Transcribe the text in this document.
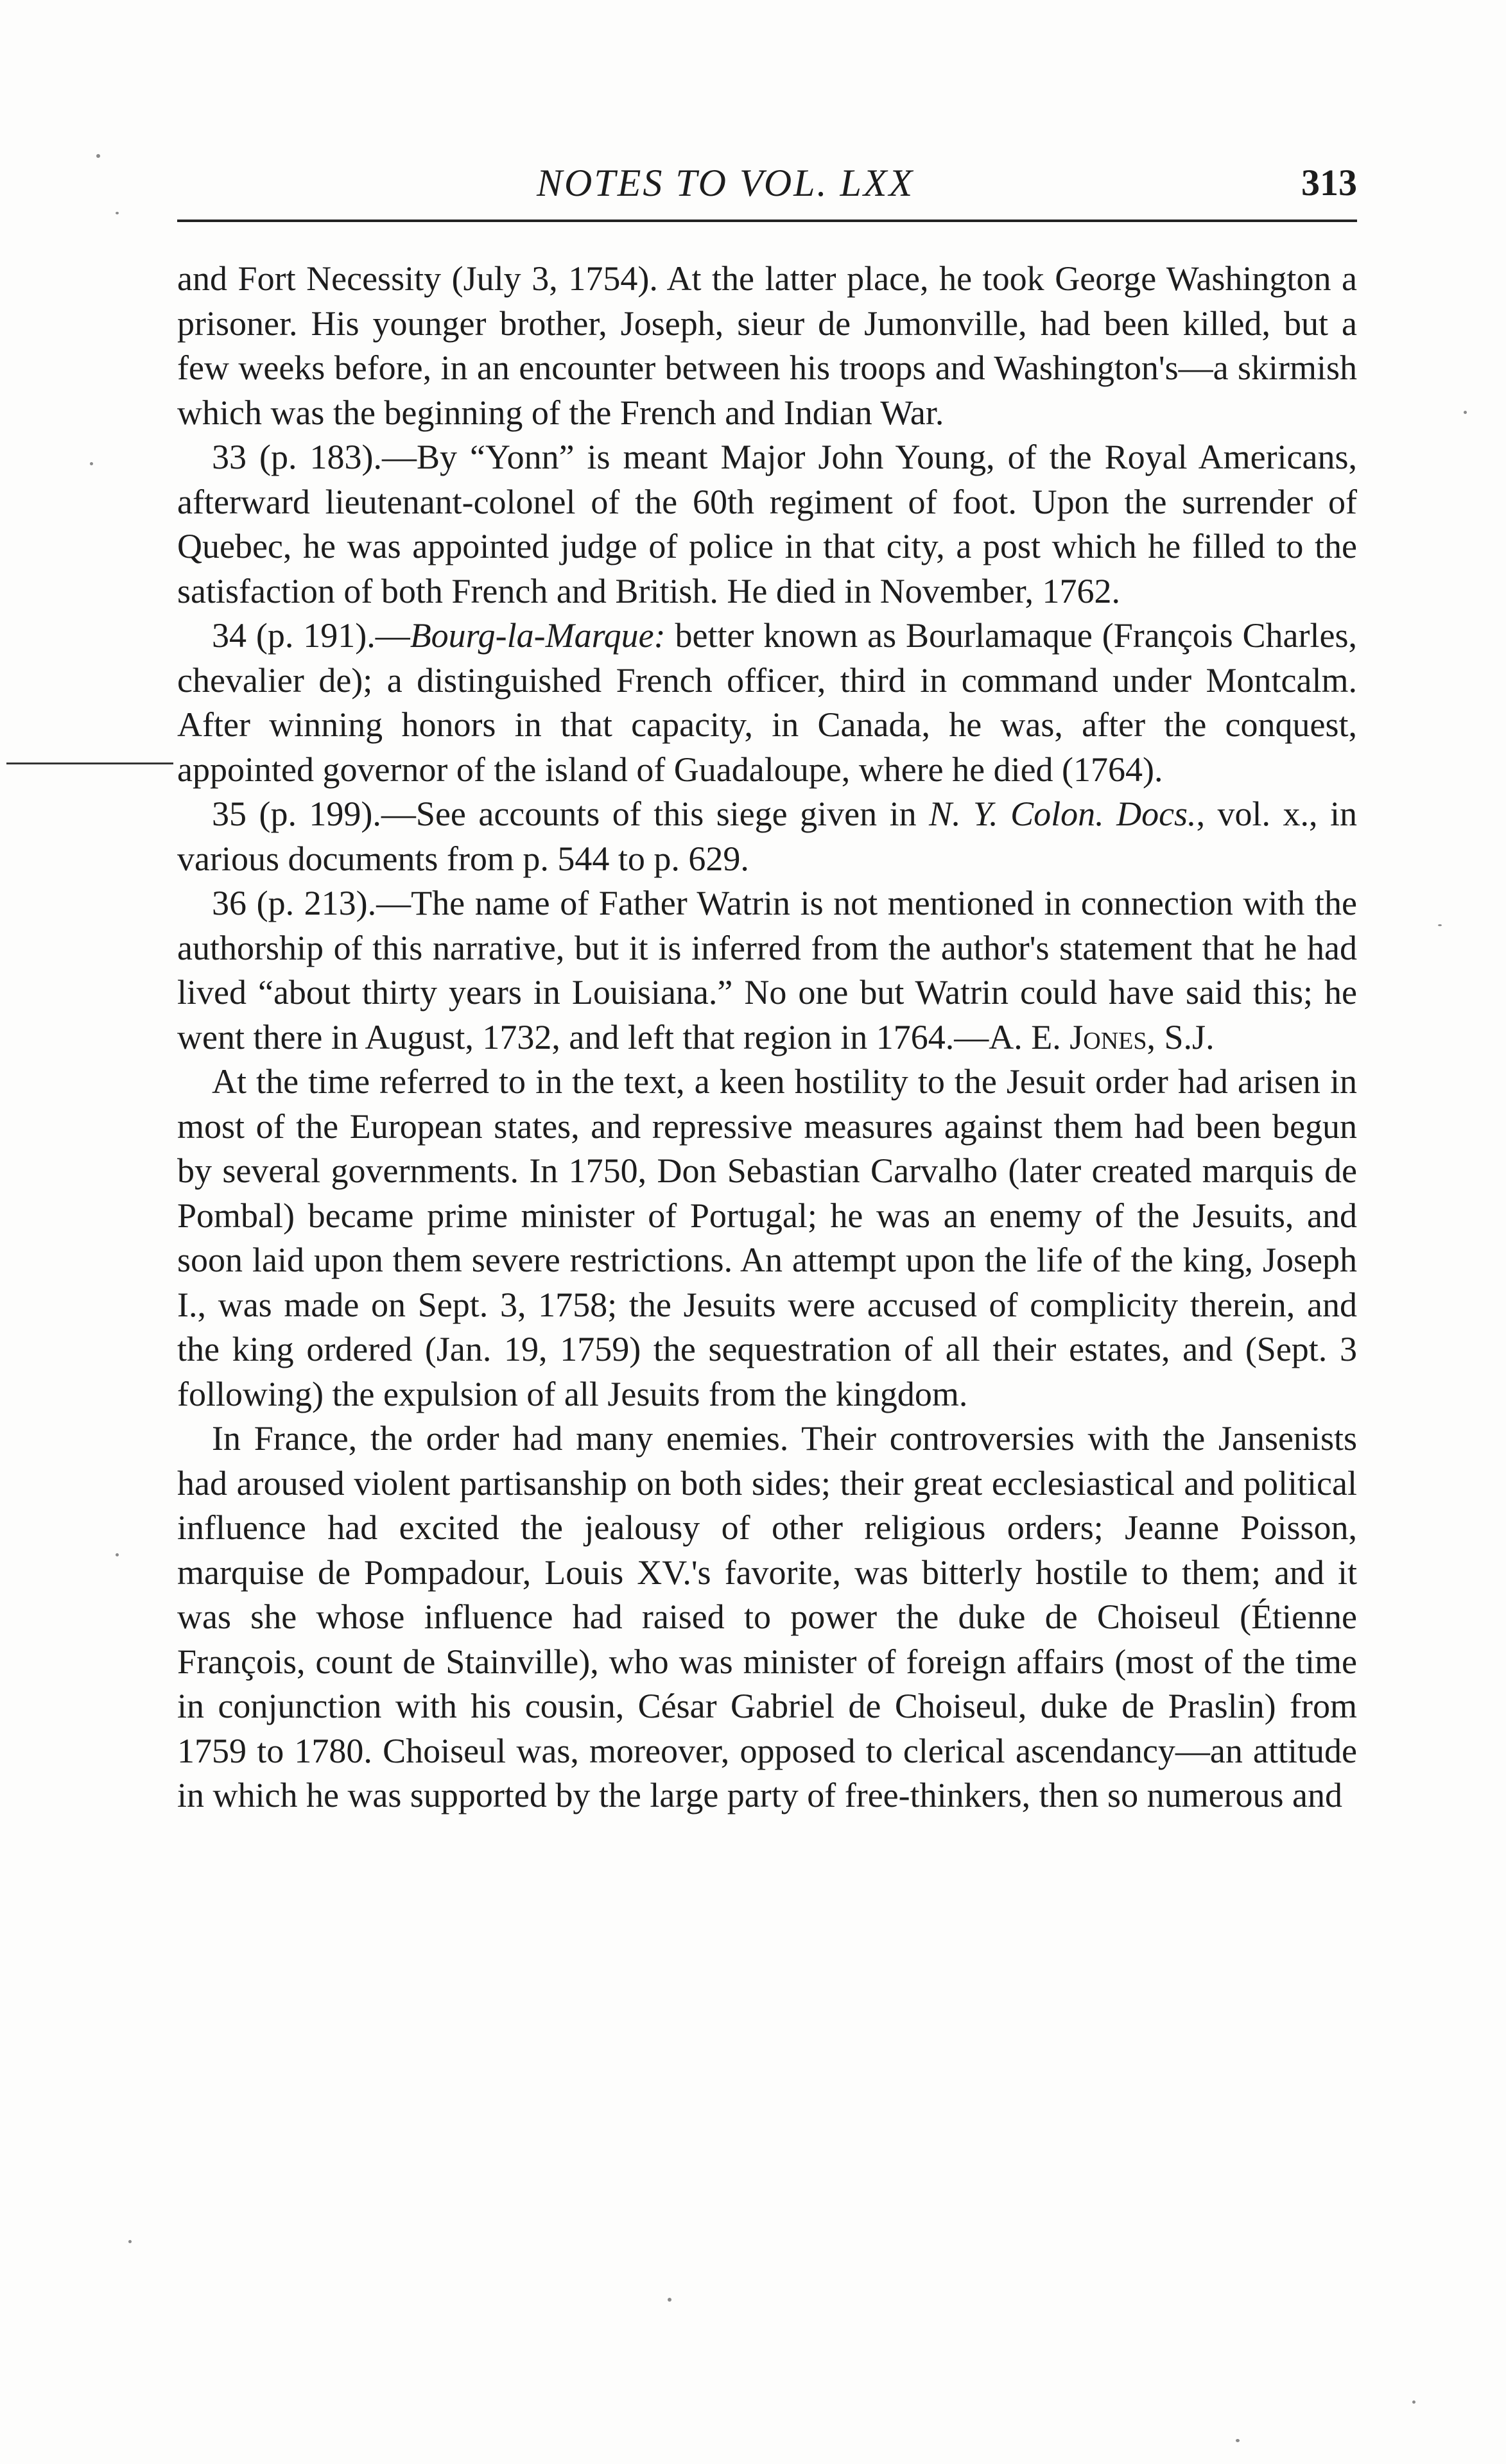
NOTES TO VOL. LXX	313

and Fort Necessity (July 3, 1754). At the latter place, he took George Washington a prisoner. His younger brother, Joseph, sieur de Jumonville, had been killed, but a few weeks before, in an encounter between his troops and Washington's—a skirmish which was the beginning of the French and Indian War.

33 (p. 183).—By “Yonn” is meant Major John Young, of the Royal Americans, afterward lieutenant-colonel of the 60th regiment of foot. Upon the surrender of Quebec, he was appointed judge of police in that city, a post which he filled to the satisfaction of both French and British. He died in November, 1762.

34 (p. 191).—Bourg-la-Marque: better known as Bourlamaque (François Charles, chevalier de); a distinguished French officer, third in command under Montcalm. After winning honors in that capacity, in Canada, he was, after the conquest, appointed governor of the island of Guadaloupe, where he died (1764).

35 (p. 199).—See accounts of this siege given in N. Y. Colon. Docs., vol. x., in various documents from p. 544 to p. 629.

36 (p. 213).—The name of Father Watrin is not mentioned in connection with the authorship of this narrative, but it is inferred from the author's statement that he had lived “about thirty years in Louisiana.” No one but Watrin could have said this; he went there in August, 1732, and left that region in 1764.—A. E. Jones, S.J.

At the time referred to in the text, a keen hostility to the Jesuit order had arisen in most of the European states, and repressive measures against them had been begun by several governments. In 1750, Don Sebastian Carvalho (later created marquis de Pombal) became prime minister of Portugal; he was an enemy of the Jesuits, and soon laid upon them severe restrictions. An attempt upon the life of the king, Joseph I., was made on Sept. 3, 1758; the Jesuits were accused of complicity therein, and the king ordered (Jan. 19, 1759) the sequestration of all their estates, and (Sept. 3 following) the expulsion of all Jesuits from the kingdom.

In France, the order had many enemies. Their controversies with the Jansenists had aroused violent partisanship on both sides; their great ecclesiastical and political influence had excited the jealousy of other religious orders; Jeanne Poisson, marquise de Pompadour, Louis XV.'s favorite, was bitterly hostile to them; and it was she whose influence had raised to power the duke de Choiseul (Étienne François, count de Stainville), who was minister of foreign affairs (most of the time in conjunction with his cousin, César Gabriel de Choiseul, duke de Praslin) from 1759 to 1780. Choiseul was, moreover, opposed to clerical ascendancy—an attitude in which he was supported by the large party of free-thinkers, then so numerous and
